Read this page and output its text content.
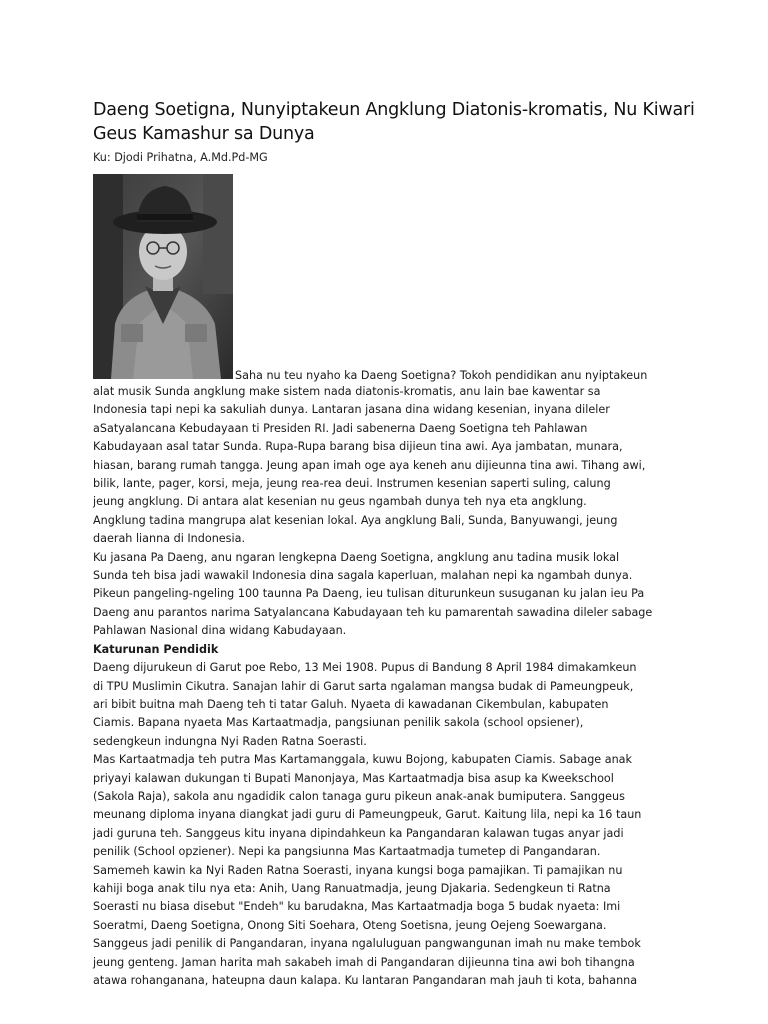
Daeng Soetigna, Nunyiptakeun Angklung Diatonis-kromatis, Nu Kiwari
Geus Kamashur sa Dunya
Ku: Djodi Prihatna, A.Md.Pd-MG
Saha nu teu nyaho ka Daeng Soetigna? Tokoh pendidikan anu nyiptakeun
alat musik Sunda angklung make sistem nada diatonis-kromatis, anu lain bae kawentar sa
Indonesia tapi nepi ka sakuliah dunya. Lantaran jasana dina widang kesenian, inyana dileler
aSatyalancana Kebudayaan ti Presiden RI. Jadi sabenerna Daeng Soetigna teh Pahlawan
Kabudayaan asal tatar Sunda. Rupa-Rupa barang bisa dijieun tina awi. Aya jambatan, munara,
hiasan, barang rumah tangga. Jeung apan imah oge aya keneh anu dijieunna tina awi. Tihang awi,
bilik, lante, pager, korsi, meja, jeung rea-rea deui. Instrumen kesenian saperti suling, calung
jeung angklung. Di antara alat kesenian nu geus ngambah dunya teh nya eta angklung.
Angklung tadina mangrupa alat kesenian lokal. Aya angklung Bali, Sunda, Banyuwangi, jeung
daerah lianna di Indonesia.
Ku jasana Pa Daeng, anu ngaran lengkepna Daeng Soetigna, angklung anu tadina musik lokal
Sunda teh bisa jadi wawakil Indonesia dina sagala kaperluan, malahan nepi ka ngambah dunya.
Pikeun pangeling-ngeling 100 taunna Pa Daeng, ieu tulisan diturunkeun susuganan ku jalan ieu Pa
Daeng anu parantos narima Satyalancana Kabudayaan teh ku pamarentah sawadina dileler sabage
Pahlawan Nasional dina widang Kabudayaan.
Katurunan Pendidik
Daeng dijurukeun di Garut poe Rebo, 13 Mei 1908. Pupus di Bandung 8 April 1984 dimakamkeun
di TPU Muslimin Cikutra. Sanajan lahir di Garut sarta ngalaman mangsa budak di Pameungpeuk,
ari bibit buitna mah Daeng teh ti tatar Galuh. Nyaeta di kawadanan Cikembulan, kabupaten
Ciamis. Bapana nyaeta Mas Kartaatmadja, pangsiunan penilik sakola (school opsiener),
sedengkeun indungna Nyi Raden Ratna Soerasti.
Mas Kartaatmadja teh putra Mas Kartamanggala, kuwu Bojong, kabupaten Ciamis. Sabage anak
priyayi kalawan dukungan ti Bupati Manonjaya, Mas Kartaatmadja bisa asup ka Kweekschool
(Sakola Raja), sakola anu ngadidik calon tanaga guru pikeun anak-anak bumiputera. Sanggeus
meunang diploma inyana diangkat jadi guru di Pameungpeuk, Garut. Kaitung lila, nepi ka 16 taun
jadi guruna teh. Sanggeus kitu inyana dipindahkeun ka Pangandaran kalawan tugas anyar jadi
penilik (School opziener). Nepi ka pangsiunna Mas Kartaatmadja tumetep di Pangandaran.
Samemeh kawin ka Nyi Raden Ratna Soerasti, inyana kungsi boga pamajikan. Ti pamajikan nu
kahiji boga anak tilu nya eta: Anih, Uang Ranuatmadja, jeung Djakaria. Sedengkeun ti Ratna
Soerasti nu biasa disebut "Endeh" ku barudakna, Mas Kartaatmadja boga 5 budak nyaeta: Imi
Soeratmi, Daeng Soetigna, Onong Siti Soehara, Oteng Soetisna, jeung Oejeng Soewargana.
Sanggeus jadi penilik di Pangandaran, inyana ngaluluguan pangwangunan imah nu make tembok
jeung genteng. Jaman harita mah sakabeh imah di Pangandaran dijieunna tina awi boh tihangna
atawa rohanganana, hateupna daun kalapa. Ku lantaran Pangandaran mah jauh ti kota, bahanna
